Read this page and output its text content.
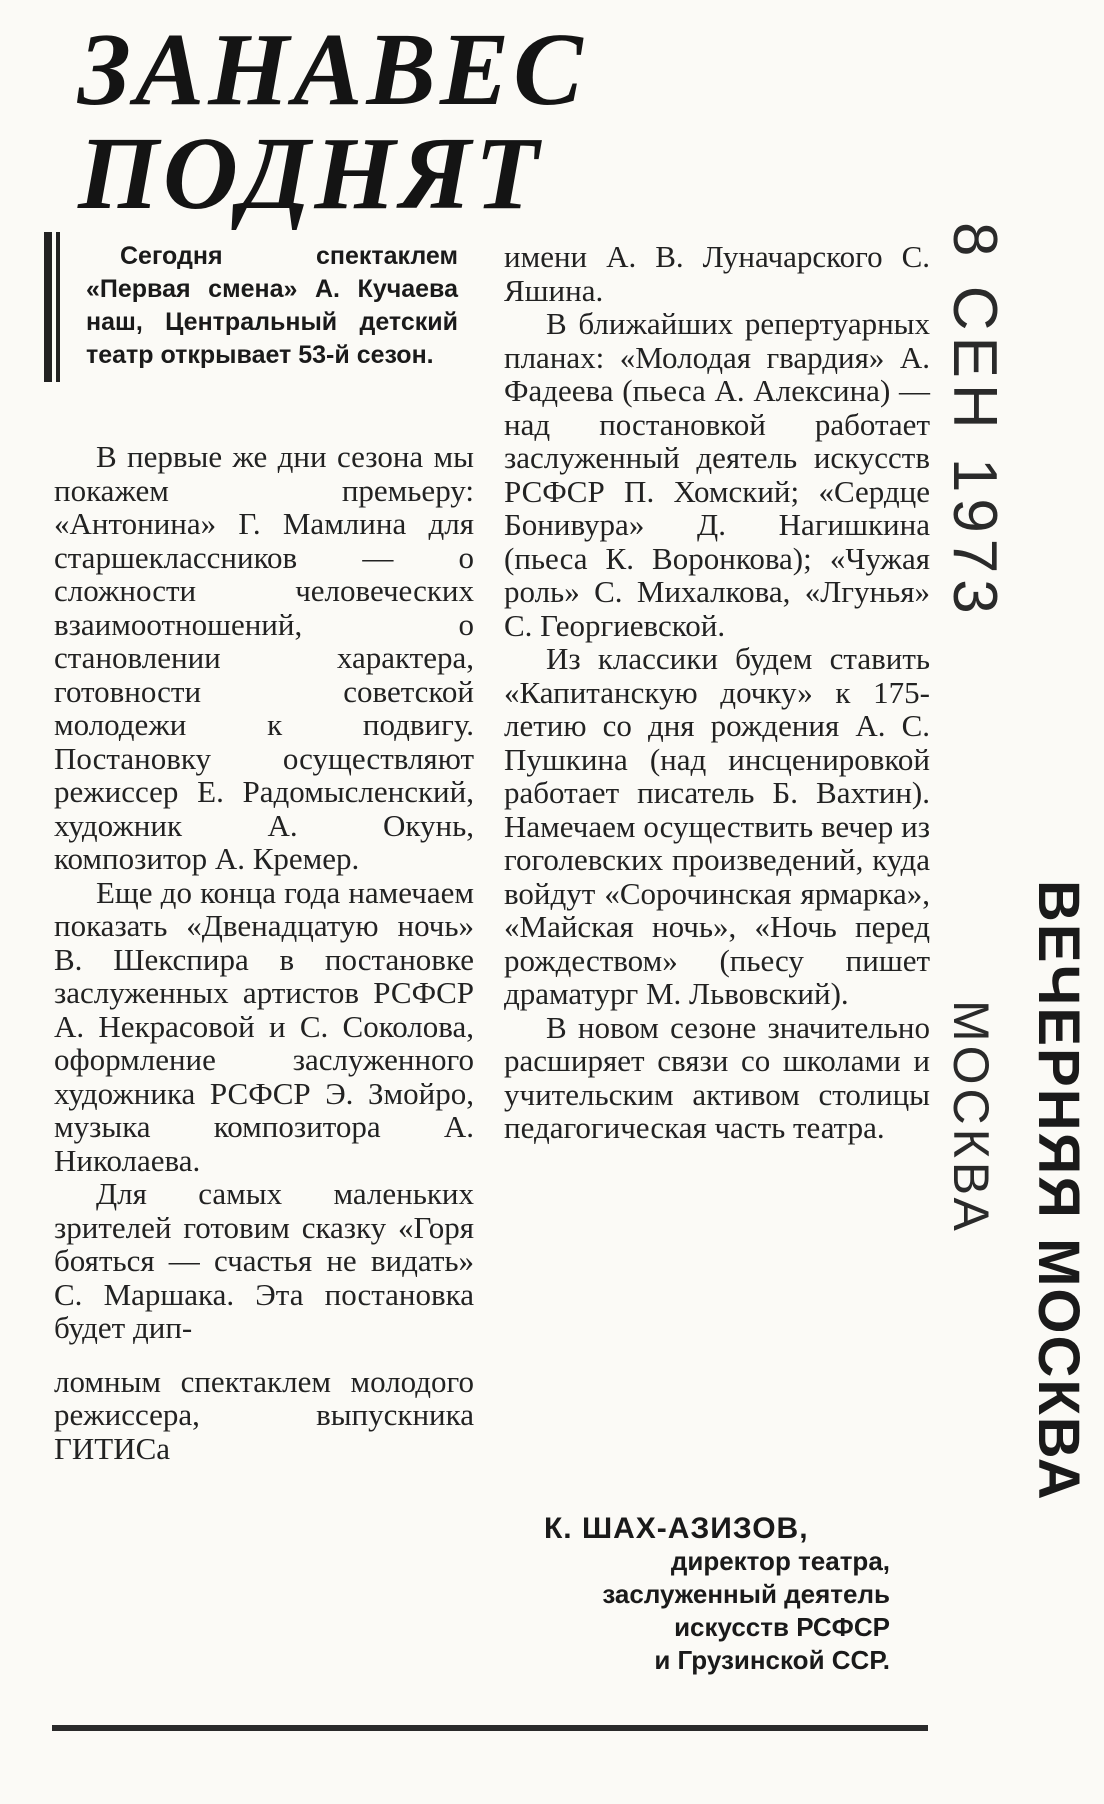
ЗАНАВЕС
ПОДНЯТ

Сегодня спектаклем «Первая смена» А. Кучаева наш, Центральный детский театр открывает 53-й сезон.

В первые же дни сезона мы покажем премьеру: «Антонина» Г. Мамлина для старшеклассников — о сложности человеческих взаимоотношений, о становлении характера, готовности советской молодежи к подвигу. Постановку осуществляют режиссер Е. Радомысленский, художник А. Окунь, композитор А. Кремер.

Еще до конца года намечаем показать «Двенадцатую ночь» В. Шекспира в постановке заслуженных артистов РСФСР А. Некрасовой и С. Соколова, оформление заслуженного художника РСФСР Э. Змойро, музыка композитора А. Николаева.

Для самых маленьких зрителей готовим сказку «Горя бояться — счастья не видать» С. Маршака. Эта постановка будет дип-

ломным спектаклем молодого режиссера, выпускника ГИТИСа

имени А. В. Луначарского С. Яшина.

В ближайших репертуарных планах: «Молодая гвардия» А. Фадеева (пьеса А. Алексина) — над постановкой работает заслуженный деятель искусств РСФСР П. Хомский; «Сердце Бонивура» Д. Нагишкина (пьеса К. Воронкова); «Чужая роль» С. Михалкова, «Лгунья» С. Георгиевской.

Из классики будем ставить «Капитанскую дочку» к 175-летию со дня рождения А. С. Пушкина (над инсценировкой работает писатель Б. Вахтин). Намечаем осуществить вечер из гоголевских произведений, куда войдут «Сорочинская ярмарка», «Майская ночь», «Ночь перед рождеством» (пьесу пишет драматург М. Львовский).

В новом сезоне значительно расширяет связи со школами и учительским активом столицы педагогическая часть театра.

К. ШАХ-АЗИЗОВ,
директор театра,
заслуженный деятель
искусств РСФСР
и Грузинской ССР.
8 СЕН 1973
ВЕЧЕРНЯЯ МОСКВА
МОСКВА
